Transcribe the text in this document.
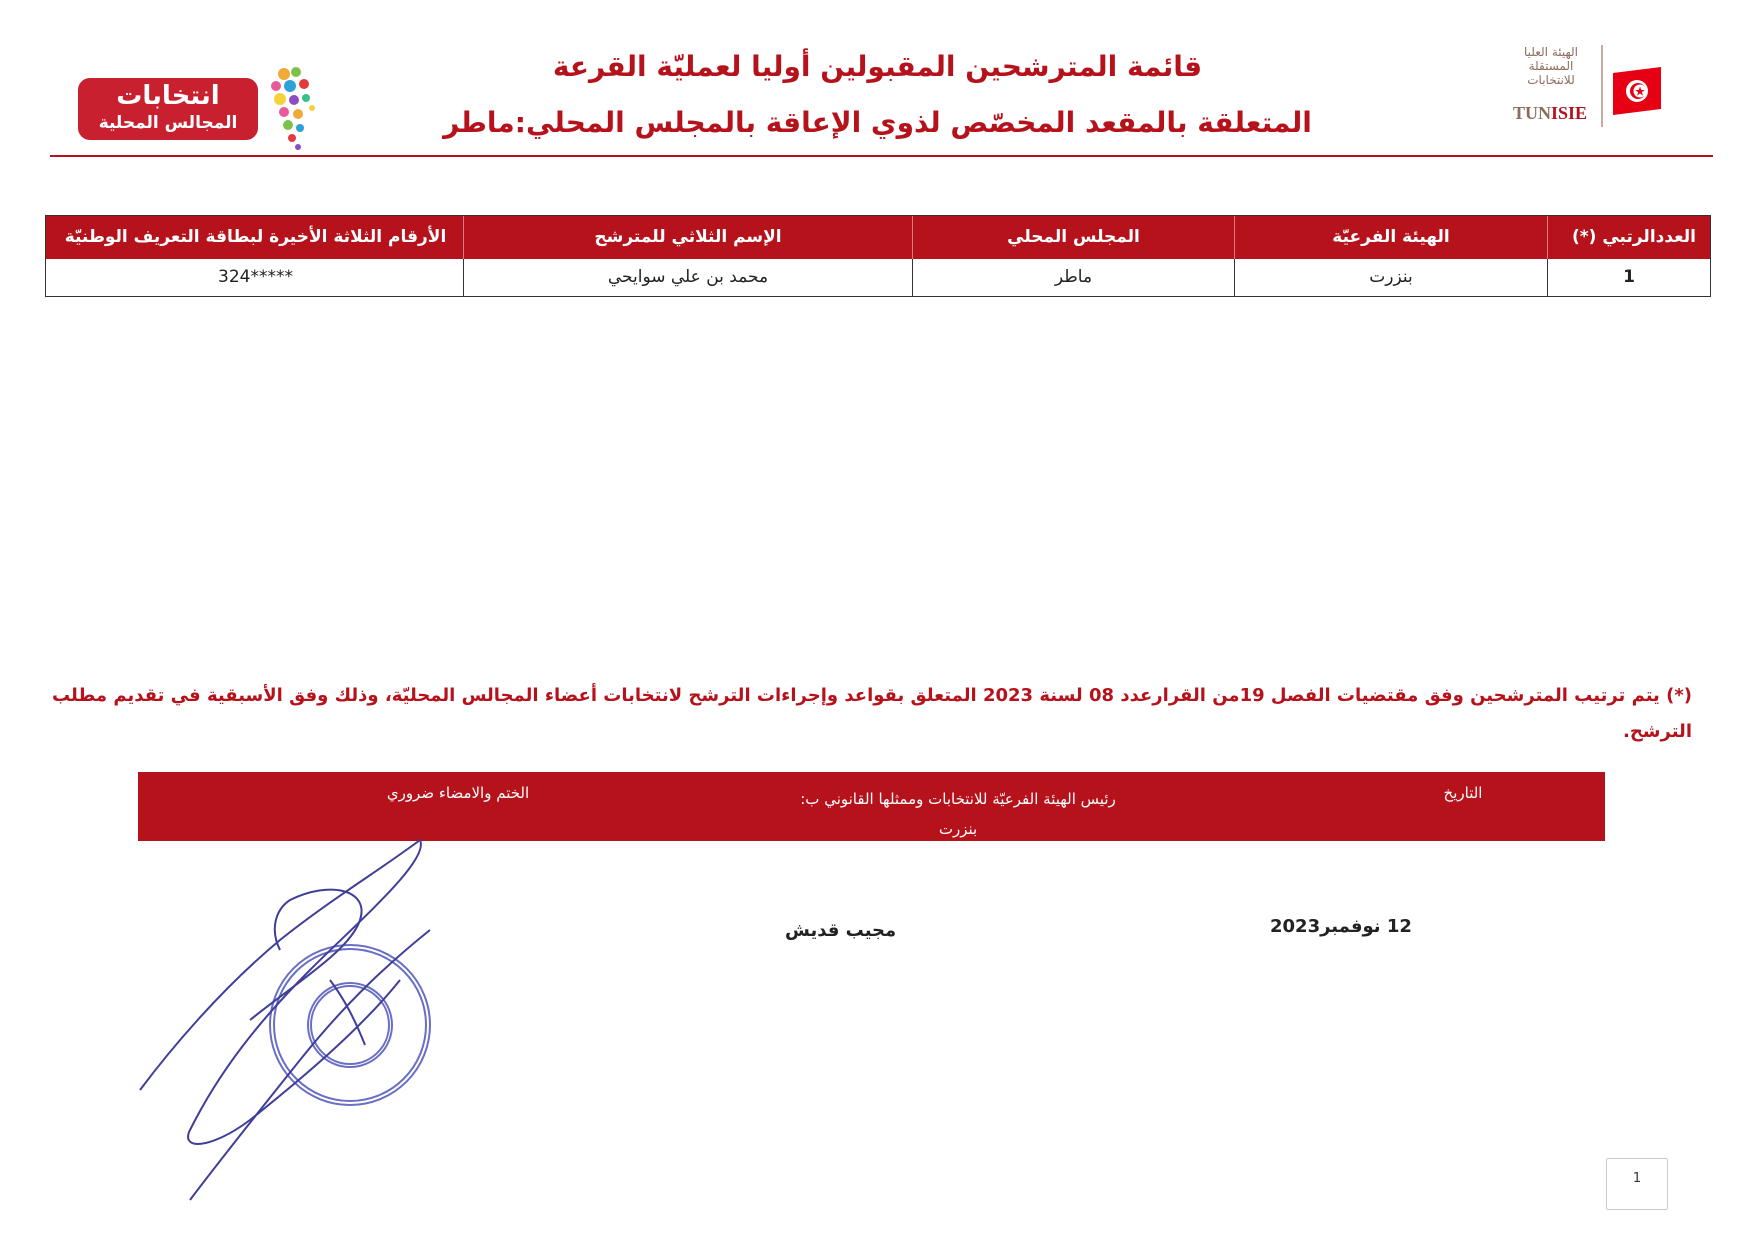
الهيئة العليا المستقلة للانتخابات
TUNISIE
انتخابات
المجالس المحلية
قائمة المترشحين المقبولين أوليا لعمليّة القرعة
المتعلقة بالمقعد المخصّص لذوي الإعاقة بالمجلس المحلي:ماطر
العددالرتبي (*)
الهيئة الفرعيّة
المجلس المحلي
الإسم الثلاثي للمترشح
الأرقام الثلاثة الأخيرة لبطاقة التعريف الوطنيّة
1
بنزرت
ماطر
محمد بن علي سوايحي
*****324
(*) يتم ترتيب المترشحين وفق مقتضيات الفصل 19من القرارعدد 08 لسنة 2023 المتعلق بقواعد وإجراءات الترشح لانتخابات أعضاء المجالس المحليّة، وذلك وفق الأسبقية في تقديم مطلب الترشح.
التاريخ
رئيس الهيئة الفرعيّة للانتخابات وممثلها القانوني ب:
بنزرت
الختم والامضاء ضروري
12 نوفمبر2023
مجيب قديش
1
